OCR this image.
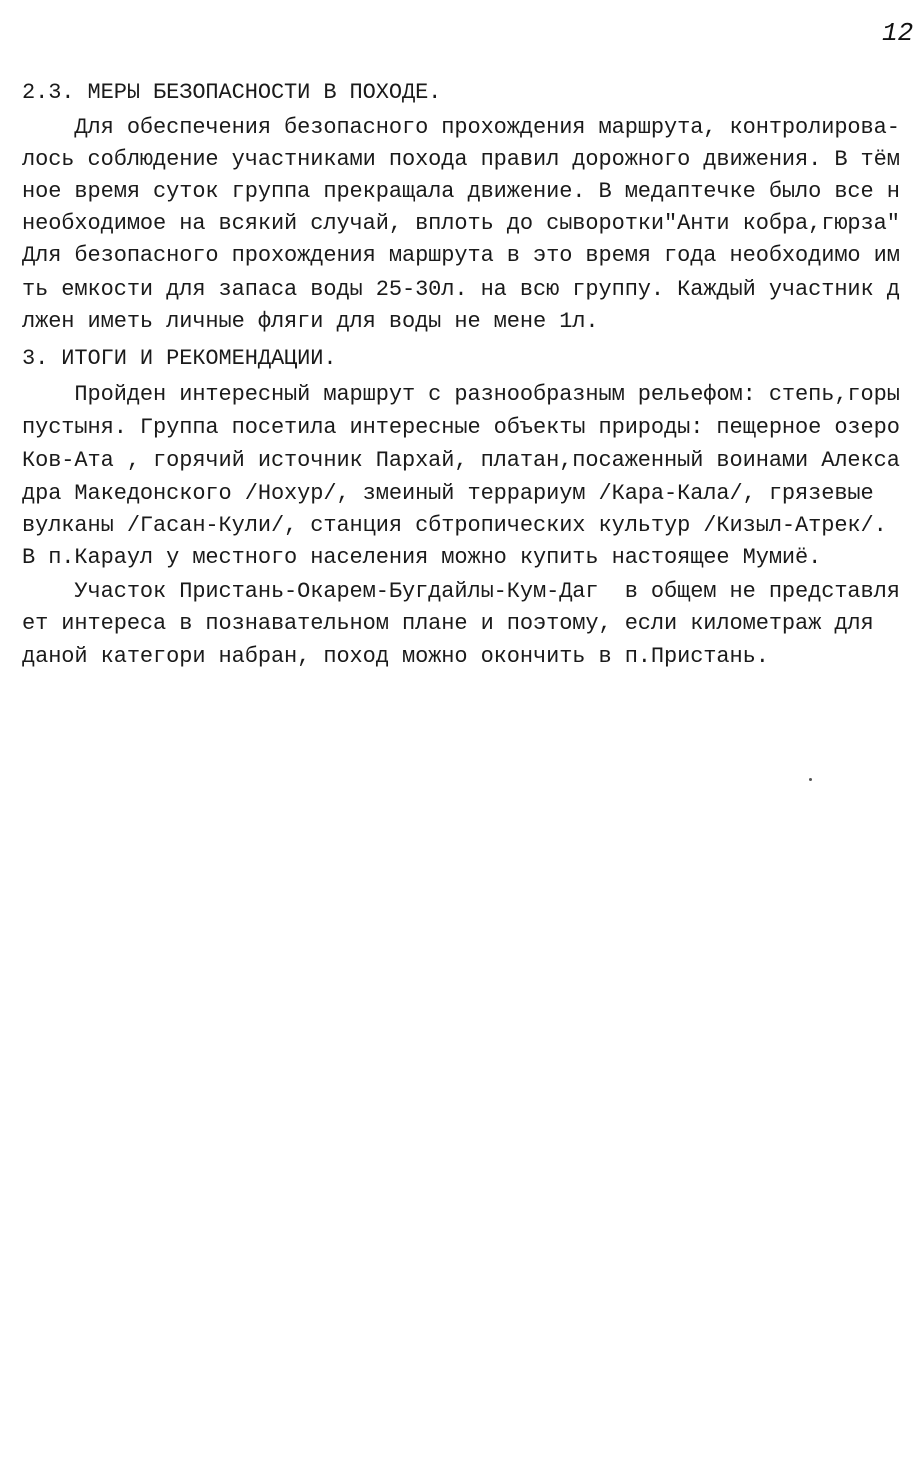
12
2.3. МЕРЫ БЕЗОПАСНОСТИ В ПОХОДЕ.
Для обеспечения безопасного прохождения маршрута, контролирова-
лось соблюдение участниками похода правил дорожного движения. В тём
ное время суток группа прекращала движение. В медаптечке было все н
необходимое на всякий случай, вплоть до сыворотки"Анти кобра,гюрза"
Для безопасного прохождения маршрута в это время года необходимо им
ть емкости для запаса воды 25-30л. на всю группу. Каждый участник д
лжен иметь личные фляги для воды не мене 1л.
3. ИТОГИ И РЕКОМЕНДАЦИИ.
Пройден интересный маршрут с разнообразным рельефом: степь,горы
пустыня. Группа посетила интересные объекты природы: пещерное озеро
Ков-Ата , горячий источник Пархай, платан,посаженный воинами Алекса
дра Македонского /Нохур/, змеиный террариум /Кара-Кала/, грязевые
вулканы /Гасан-Кули/, станция сбтропических культур /Кизыл-Атрек/.
В п.Караул у местного населения можно купить настоящее Мумиё.
Участок Пристань-Окарем-Бугдайлы-Кум-Даг  в общем не представля
ет интереса в познавательном плане и поэтому, если километраж для
даной категори набран, поход можно окончить в п.Пристань.
